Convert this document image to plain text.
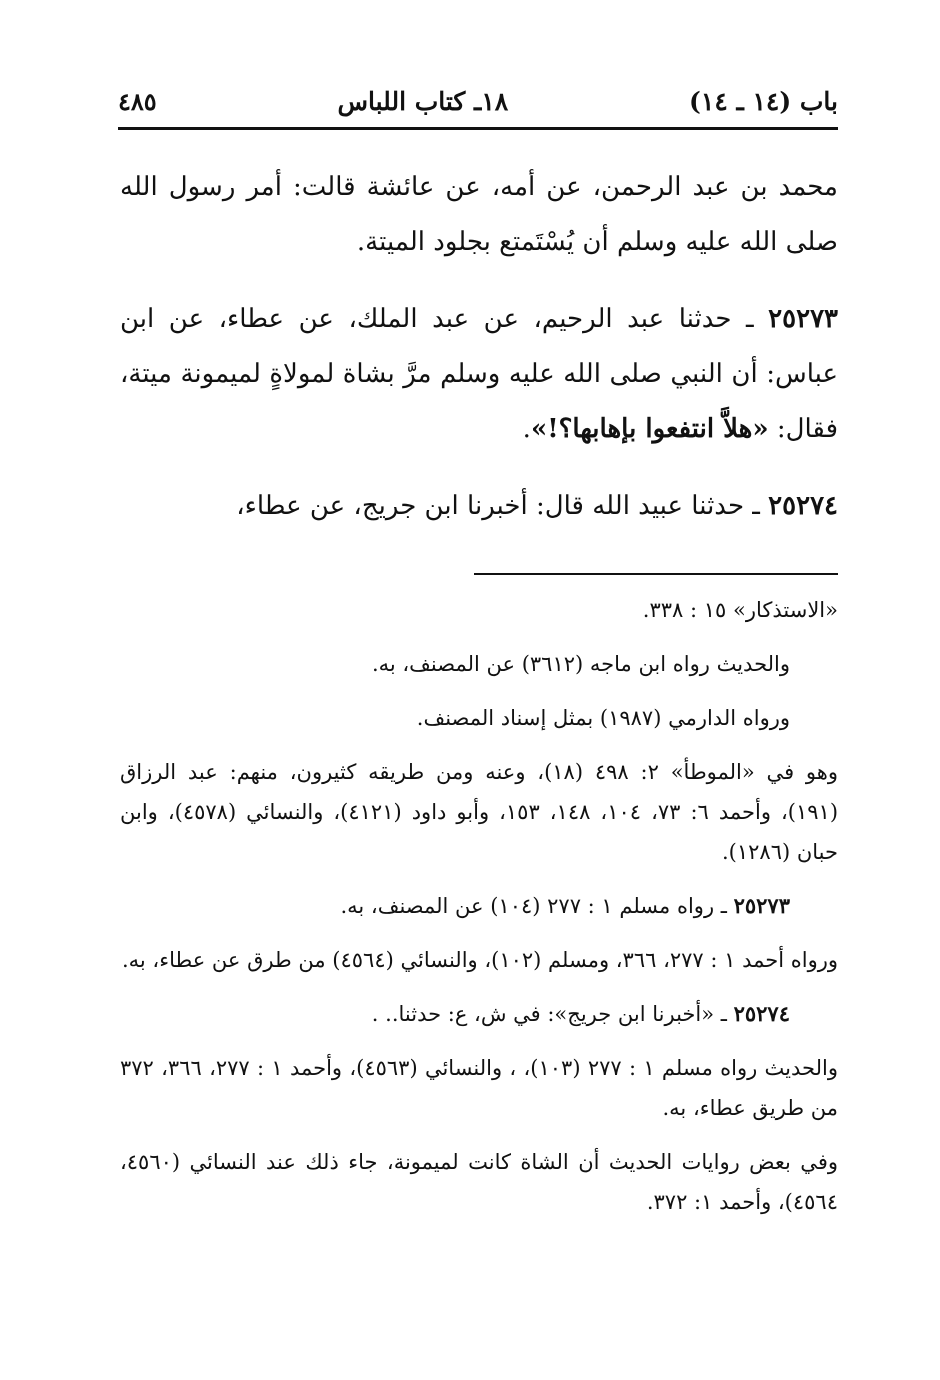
باب (١٤ ـ ١٤)
١٨ـ كتاب اللباس
٤٨٥

محمد بن عبد الرحمن، عن أمه، عن عائشة قالت: أمر رسول الله صلى الله عليه وسلم أن يُسْتَمتع بجلود الميتة.

٢٥٢٧٣ ـ حدثنا عبد الرحيم، عن عبد الملك، عن عطاء، عن ابن عباس: أن النبي صلى الله عليه وسلم مرَّ بشاة لمولاةٍ لميمونة ميتة، فقال: «هلاَّ انتفعوا بإهابها؟!».

٢٥٢٧٤ ـ حدثنا عبيد الله قال: أخبرنا ابن جريج، عن عطاء،

«الاستذكار» ١٥ : ٣٣٨.

والحديث رواه ابن ماجه (٣٦١٢) عن المصنف، به.

ورواه الدارمي (١٩٨٧) بمثل إسناد المصنف.

وهو في «الموطأ» ٢: ٤٩٨ (١٨)، وعنه ومن طريقه كثيرون، منهم: عبد الرزاق (١٩١)، وأحمد ٦: ٧٣، ١٠٤، ١٤٨، ١٥٣، وأبو داود (٤١٢١)، والنسائي (٤٥٧٨)، وابن حبان (١٢٨٦).

٢٥٢٧٣ ـ رواه مسلم ١ : ٢٧٧ (١٠٤) عن المصنف، به.

ورواه أحمد ١ : ٢٧٧، ٣٦٦، ومسلم (١٠٢)، والنسائي (٤٥٦٤) من طرق عن عطاء، به.

٢٥٢٧٤ ـ «أخبرنا ابن جريج»: في ش، ع: حدثنا.. .

والحديث رواه مسلم ١ : ٢٧٧ (١٠٣)، ، والنسائي (٤٥٦٣)، وأحمد ١ : ٢٧٧، ٣٦٦، ٣٧٢ من طريق عطاء، به.

وفي بعض روايات الحديث أن الشاة كانت لميمونة، جاء ذلك عند النسائي (٤٥٦٠، ٤٥٦٤)، وأحمد ١: ٣٧٢.
